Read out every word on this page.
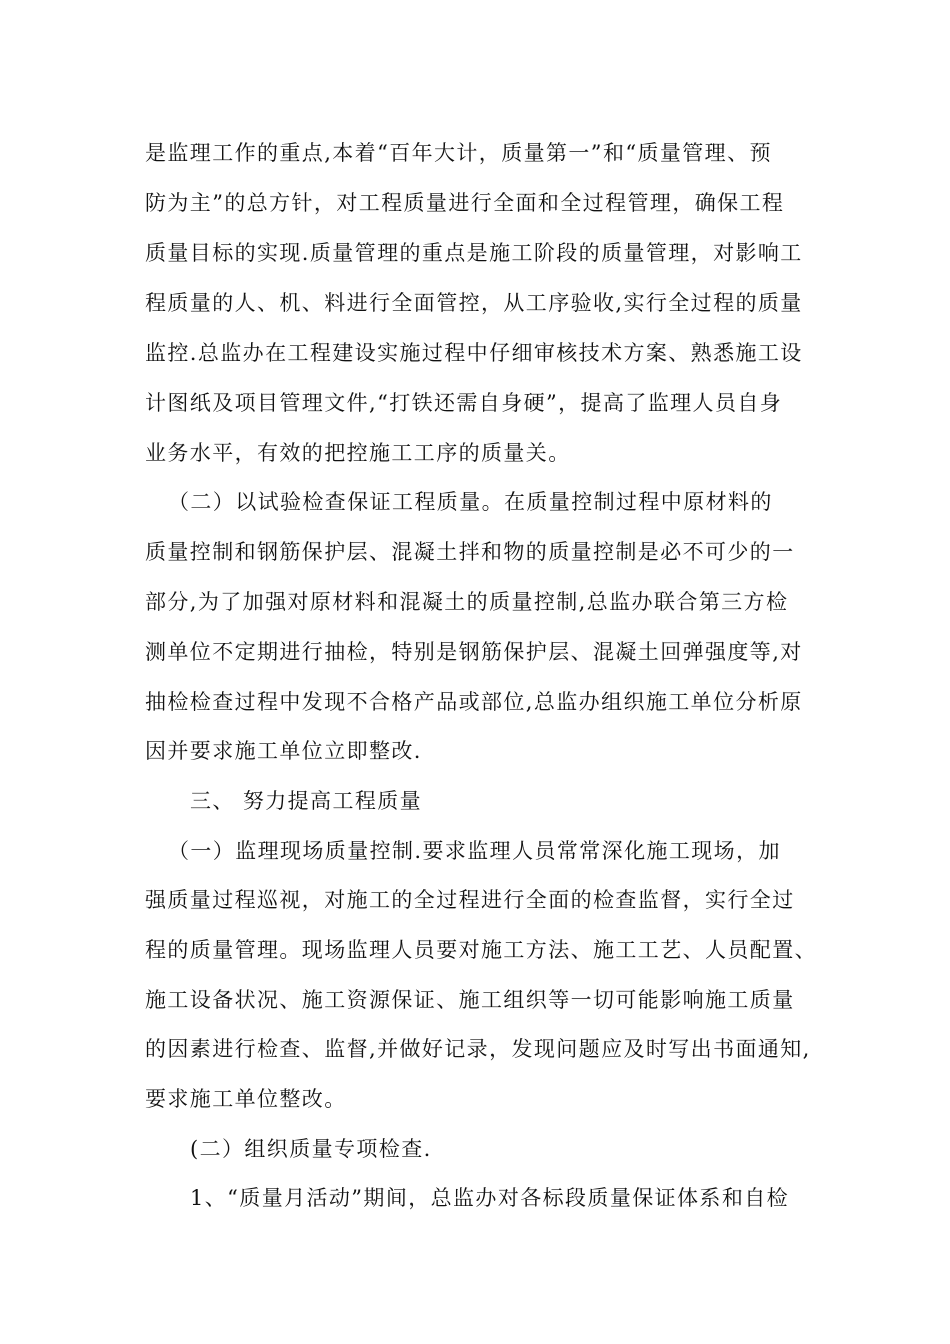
是监理工作的重点,本着“百年大计，质量第一”和“质量管理、预
防为主”的总方针，对工程质量进行全面和全过程管理，确保工程
质量目标的实现.质量管理的重点是施工阶段的质量管理，对影响工
程质量的人、机、料进行全面管控，从工序验收,实行全过程的质量
监控.总监办在工程建设实施过程中仔细审核技术方案、熟悉施工设
计图纸及项目管理文件,“打铁还需自身硬”，提高了监理人员自身
业务水平，有效的把控施工工序的质量关。
（二）以试验检查保证工程质量。在质量控制过程中原材料的
质量控制和钢筋保护层、混凝土拌和物的质量控制是必不可少的一
部分,为了加强对原材料和混凝土的质量控制,总监办联合第三方检
测单位不定期进行抽检，特别是钢筋保护层、混凝土回弹强度等,对
抽检检查过程中发现不合格产品或部位,总监办组织施工单位分析原
因并要求施工单位立即整改.
三、 努力提高工程质量
（一）监理现场质量控制.要求监理人员常常深化施工现场，加
强质量过程巡视，对施工的全过程进行全面的检查监督，实行全过
程的质量管理。现场监理人员要对施工方法、施工工艺、人员配置、
施工设备状况、施工资源保证、施工组织等一切可能影响施工质量
的因素进行检查、监督,并做好记录，发现问题应及时写出书面通知,
要求施工单位整改。
(二）组织质量专项检查.
1、“质量月活动”期间，总监办对各标段质量保证体系和自检
